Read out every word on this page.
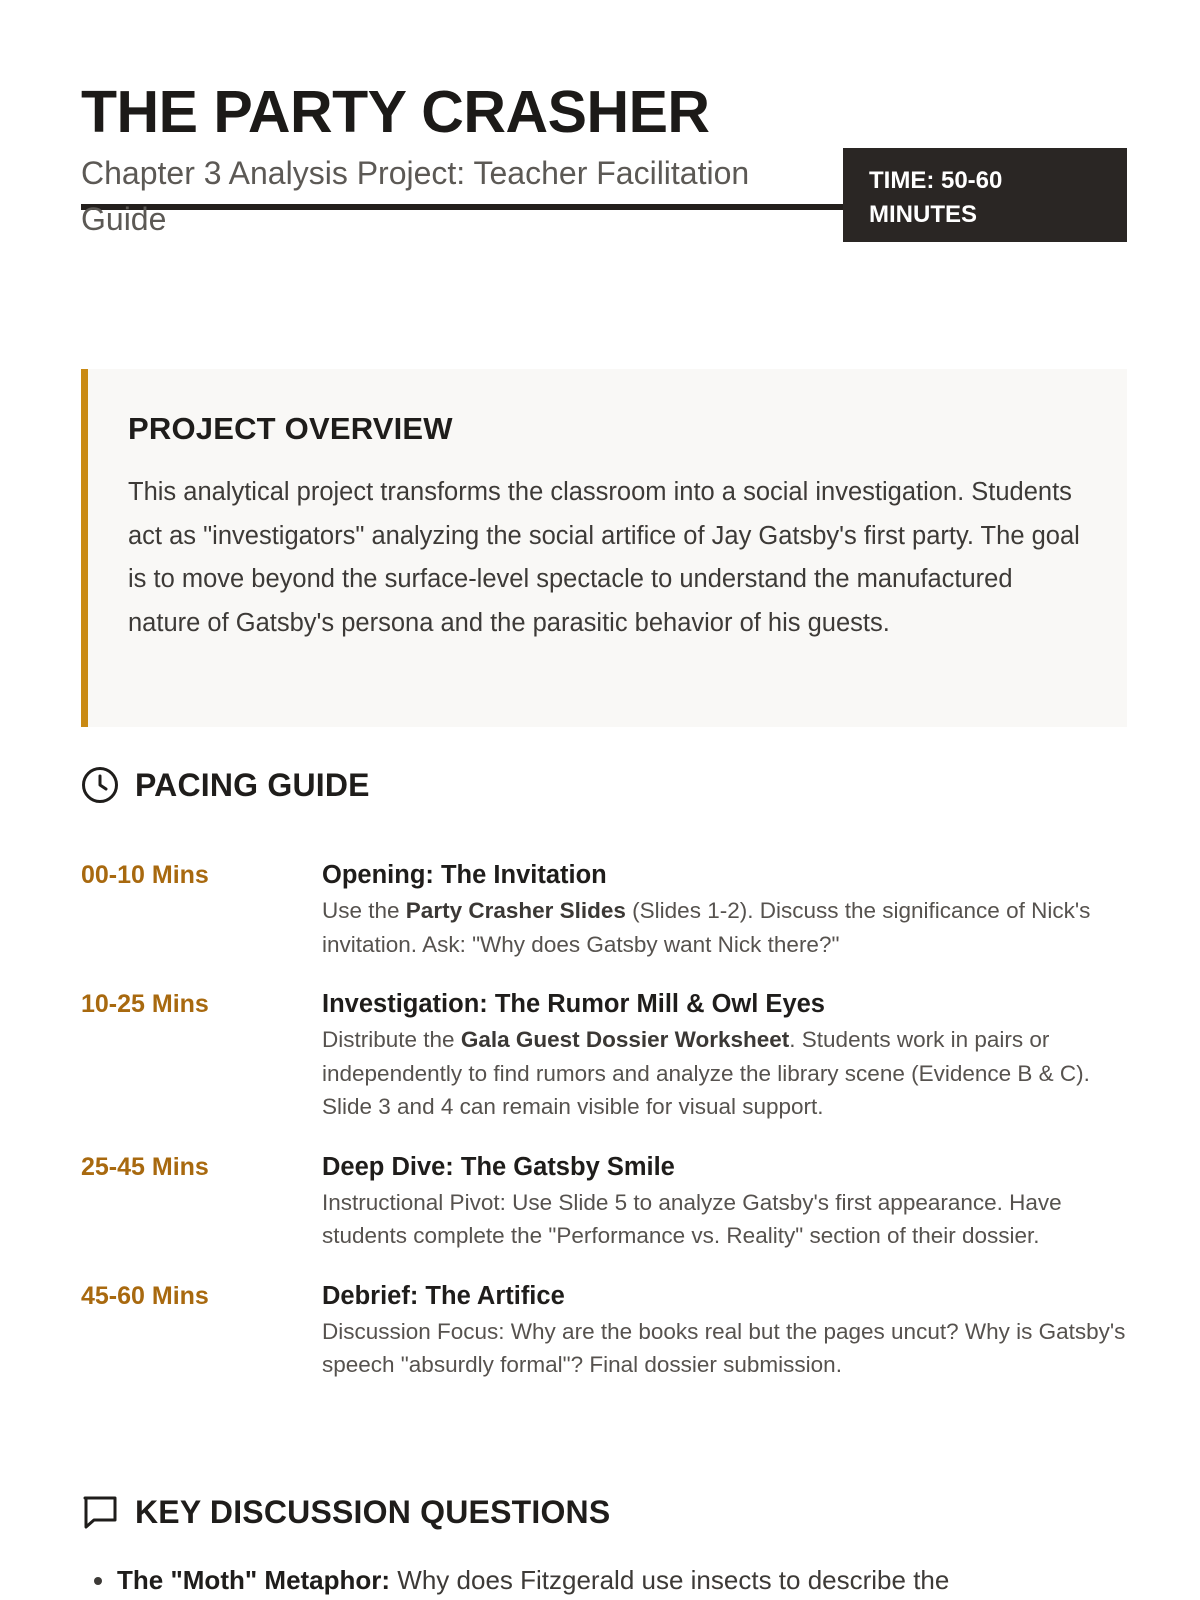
THE PARTY CRASHER

Chapter 3 Analysis Project: Teacher Facilitation Guide

TIME: 50-60 MINUTES
PROJECT OVERVIEW

This analytical project transforms the classroom into a social investigation. Students act as "investigators" analyzing the social artifice of Jay Gatsby's first party. The goal is to move beyond the surface-level spectacle to understand the manufactured nature of Gatsby's persona and the parasitic behavior of his guests.

PACING GUIDE
00-10 Mins	Opening: The Invitation
Use the Party Crasher Slides (Slides 1-2). Discuss the significance of Nick's invitation. Ask: "Why does Gatsby want Nick there?"
10-25 Mins	Investigation: The Rumor Mill & Owl Eyes
Distribute the Gala Guest Dossier Worksheet. Students work in pairs or independently to find rumors and analyze the library scene (Evidence B & C). Slide 3 and 4 can remain visible for visual support.
25-45 Mins	Deep Dive: The Gatsby Smile
Instructional Pivot: Use Slide 5 to analyze Gatsby's first appearance. Have students complete the "Performance vs. Reality" section of their dossier.
45-60 Mins	Debrief: The Artifice
Discussion Focus: Why are the books real but the pages uncut? Why is Gatsby's speech "absurdly formal"? Final dossier submission.
KEY DISCUSSION QUESTIONS
• The "Moth" Metaphor: Why does Fitzgerald use insects to describe the
